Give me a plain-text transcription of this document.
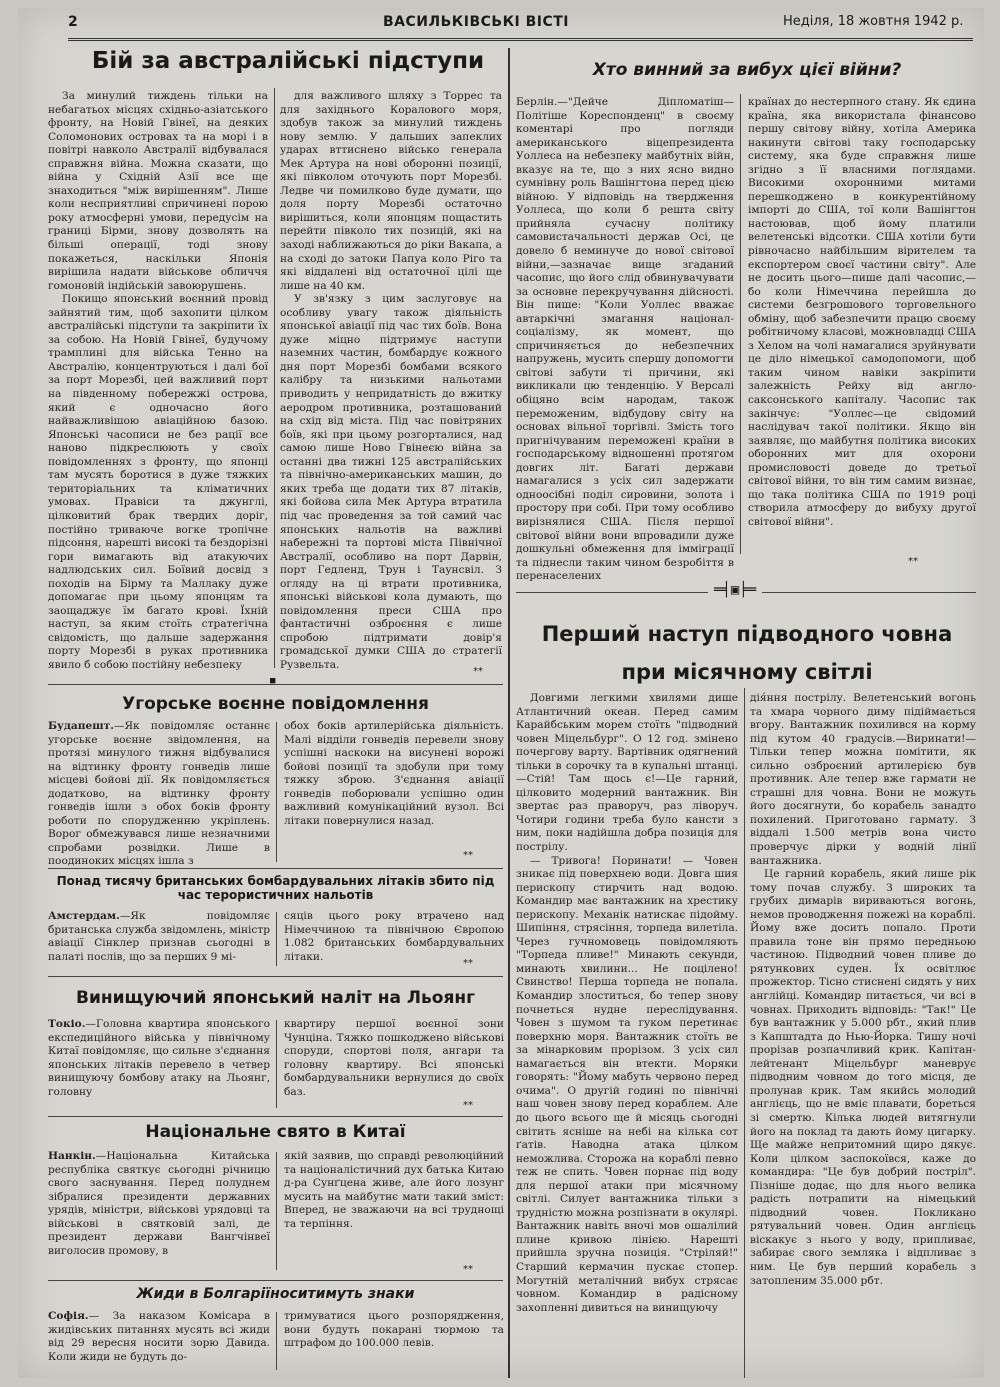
2	ВАСИЛЬКІВСЬКІ ВІСТІ	Неділя, 18 жовтня 1942 р.
Бій за австралійські підступи

За минулий тиждень тільки на небагатьох місцях східньо-азіатського фронту, на Новій Гвінеї, на деяких Соломонових островах та на морі і в повітрі навколо Австралії відбувалася справжня війна. Можна сказати, що війна у Східній Азії все ще знаходиться "між вирішенням". Лише коли несприятливі спричинені порою року атмосферні умови, передусім на границі Бірми, знову дозволять на більші операції, тоді знову покажеться, наскільки Японія вирішила надати військове обличчя гомоновій індійській завоюрушень.

Покищо японський воєнний провід зайнятий тим, щоб захопити цілком австралійські підступи та закріпити їх за собою. На Новій Гвінеї, будучому трамплині для війська Тенно на Австралію, концентруються і далі бої за порт Морезбі, цей важливий порт на південному побережжі острова, який є одночасно його найважливішою авіаційною базою. Японські часописи не без рації все наново підкреслюють у своїх повідомленнях з фронту, що японці там мусять боротися в дуже тяжких територіальних та кліматичних умовах. Правіси та джунглі, цілковитий брак твердих доріг, постійно триваюче вогке тропічне підсоння, нарешті високі та бездорізні гори вимагають від атакуючих надлюдських сил. Боївий досвід з походів на Бірму та Маллаку дуже допомагає при цьому японцям та заощаджує їм багато крові. Їхній наступ, за яким стоїть стратегічна свідомість, що дальше задержання порту Морезбі в руках противника явило б собою постійну небезпеку

для важливого шляху з Торрес та для західнього Коралового моря, здобув також за минулий тиждень нову землю. У дальших запеклих ударах вттиснено військо генерала Мек Артура на нові оборонні позиції, які півколом оточують порт Морезбі. Ледве чи помилково буде думати, що доля порту Морезбі остаточно вирішиться, коли японцям пощастить перейти півколо тих позицій, які на заході наближаються до ріки Вакапа, а на сході до затоки Папуа коло Ріго та які віддалені від остаточної цілі ще лише на 40 км.

У зв'язку з цим заслуговує на особливу увагу також діяльність японської авіації під час тих боїв. Вона дуже міцно підтримує наступи наземних частин, бомбардує кожного дня порт Морезбі бомбами всякого калібру та низькими нальотами приводить у непридатність до вжитку аеродром противника, розташований на схід від міста. Під час повітряних боїв, які при цьому розгорталися, над самою лише Ново Гвінеєю війна за останні два тижні 125 австралійських та північно-американських машин, до яких треба ще додати тих 87 літаків, які бойова сила Мек Артура втратила під час проведення за той самий час японських нальотів на важливі набережні та портові міста Північної Австралії, особливо на порт Дарвін, порт Гедленд, Трун і Таунсвіл. З огляду на ці втрати противника, японські військові кола думають, що повідомлення преси США про фантастичні озброєння є лише спробою підтримати довір'я громадської думки США до стратегії Рузвельта.

**
■
Хто винний за вибух цієї війни?

Берлін.—"Дейче Діпломатіш—Політіше Кореспонденц" в своєму коментарі про погляди американського віцепрезидента Уоллеса на небезпеку майбутніх війн, вказує на те, що з них ясно видно сумнівну роль Вашінгтона перед цією війною. У відповідь на твердження Уоллеса, що коли б решта світу прийняла сучасну політику самовистачальності держав Осі, це довело б неминуче до нової світової війни,—зазначає вище згаданий часопис, що його слід обвинувачувати за основне перекручування дійсності. Він пише: "Коли Уоллес вважає автаркічні змагання націонал-соціалізму, як момент, що спричиняється до небезпечних напружень, мусить спершу допомогти світові забути ті причини, які викликали цю тенденцію. У Версалі обіцяно всім народам, також переможеним, відбудову світу на основах вільної торгівлі. Змість того пригнічуваним переможені країни в господарському відношенні протягом довгих літ. Багаті держави намагалися з усіх сил задержати одноосібні поділ сировини, золота і простору при собі. При тому особливо вирізнялися США. Після першої світової війни вони впровадили дуже дошкульні обмеження для імміграції та піднесли таким чином безробіття в перенаселених

країнах до нестерпного стану. Як єдина країна, яка використала фінансово першу світову війну, хотіла Америка накинути світові таку господарську систему, яка буде справжня лише згідно з її власними поглядами. Високими охоронними митами перешкоджено в конкурентійному імпорті до США, тої коли Вашінгтон настоював, щоб йому платили велетенські відсотки. США хотіли бути рівночасно найбільшим вірителем та експортером своєї частини світу". Але не досить цього—пише далі часопис,—бо коли Німеччина перейшла до системи безгрошового торговельного обміну, щоб забезпечити працю своєму робітничому класові, можновладці США з Хелом на чолі намагалися зруйнувати це діло німецької самодопомоги, щоб таким чином навіки закріпити залежність Рейху від англо-саксонського капіталу. Часопис так закінчує: "Уоллес—це свідомий наслідувач такої політики. Якщо він заявляє, що майбутня політика високих оборонних мит для охорони промисловості доведе до третьої світової війни, то він тим самим визнає, що така політика США по 1919 році створила атмосферу до вибуху другої світової війни".

**
═╡▣╞═
Перший наступ підводного човна
при місячному світлі

Довгими легкими хвилями дише Атлантичний океан. Перед самим Карайбським морем стоїть "підводний човен Міцельбург". О 12 год. змінено почергову варту. Вартівник одягнений тільки в сорочку та в купальні штанці.—Стій! Там щось є!—Це гарний, цілковито модерний вантажник. Він звертає раз праворуч, раз ліворуч. Чотири години треба було кансти з ним, поки надійшла добра позиція для пострілу.

— Тривога! Поринати! — Човен зникає під поверхнею води. Довга шия перископу стирчить над водою. Командир має вантажник на хрестику перископу. Механік натискає підойму. Шипіння, стрясіння, торпеда вилетіла. Через гучномовець повідомляють "Торпеда пливе!" Минають секунди, минають хвилини... Не поцілено! Свинство! Перша торпеда не попала. Командир злоститься, бо тепер знову почнеться нудне переслідування. Човен з шумом та гуком перетинає поверхню моря. Вантажник стоїть ве за мінарковим прорізом. З усіх сил намагається він втекти. Моряки говорять: "Йому мабуть червоно перед очима". О другій годині по північні наш човен знову перед кораблем. Але до цього всього ще й місяць сьогодні світить ясніше на небі на кілька сот ґатів. Наводна атака цілком неможлива. Сторожа на кораблі певно теж не спить. Човен порнає під воду для першої атаки при місячному світлі. Силует вантажника тільки з трудністю можна розпізнати в окулярі. Вантажник навіть вночі мов ошалілий плине кривою лінією. Нарешті прийшла зручна позиція. "Стріляй!" Старший кермачин пускає стопер. Могутній металічний вибух стрясає човном. Командир в радісному захопленні дивиться на винищуючу

дія́ння пострілу. Велетенський вогонь та хмара чорного диму підіймається вгору. Вантажник похилився на корму під кутом 40 градусів.—Виринати!—Тільки тепер можна помітити, як сильно озброєний артилерією був противник. Але тепер вже гармати не страшні для човна. Вони не можуть його досягнути, бо корабель занадто похилений. Приготовано гармату. З віддалі 1.500 метрів вона чисто проверчує дірки у водній лінії вантажника.

Це гарний корабель, який лише рік тому почав службу. З широких та грубих димарів вириваються вогонь, немов проводження пожежі на кораблі. Йому вже досить попало. Проти правила тоне він прямо передньою частиною. Підводний човен пливе до рятункових суден. Їх освітлює прожектор. Тісно стиснені сидять у них англійці. Командир питається, чи всі в човнах. Приходить відповідь: "Так!" Це був вантажник у 5.000 рбт., який плив з Капштадта до Нью-Йорка. Тишу ночі прорізав розпачливий крик. Капітан-лейтенант Міцельбург маневрує підводним човном до того місця, де пролунав крик. Там якийсь молодий англієць, що не вміє плавати, бореться зі смертю. Кілька людей витягнули його на поклад та дають йому цигарку. Ще майже непритомний щиро дякує. Коли цілком заспокоївся, каже до командира: "Це був добрий постріл". Пізніше додає, що для нього велика радість потрапити на німецький підводний човен. Покликано рятувальний човен. Один англієць віскакує з нього у воду, припливає, забирає свого земляка і відпливає з ним. Це був перший корабель з затопленим 35.000 рбт.

Угорське воєнне повідомлення

Будапешт.—Як повідомляє останнє угорське воєнне звідомлення, на протязі минулого тижня відбувалися на відтинку фронту гонведів лише місцеві бойові дії. Як повідомляється додатково, на відтинку фронту гонведів ішли з обох боків фронту роботи по спорудженню укріплень. Ворог обмежувався лише незначними спробами розвідки. Лише в поодиноких місцях ішла з

обох боків артилерійська діяльність. Малі відділи гонведів перевели знову успішні наскоки на висунені ворожі бойові позиції та здобули при тому тяжку зброю. З'єднання авіації гонведів поборювали успішно один важливий комунікаційний вузол. Всі літаки повернулися назад.

**
Понад тисячу британських бомбардувальних літаків збито під час терористичних нальотів

Амстердам.—Як повідомляє британська служба звідомлень, міністр авіації Сінклер признав сьогодні в палаті послів, що за перших 9 мі-

сяців цього року втрачено над Німеччиною та північною Європою 1.082 британських бомбардувальних літаки.

**
Винищуючий японський наліт на Льоянг

Токіо.—Головна квартира японського експедиційного війська у північному Китаї повідомляє, що сильне з'єднання японських літаків перевело в четвер винищуючу бомбову атаку на Льоянг, головну

квартиру першої воєнної зони Чунціна. Тяжко пошкоджено військові споруди, спортові поля, ангари та головну квартиру. Всі японські бомбардувальники вернулися до своїх баз.

**
Національне свято в Китаї

Нанкін.—Національна Китайська республіка святкує сьогодні річницю свого заснування. Перед полуднем зібралися президенти державних урядів, міністри, військові урядовці та військові в святковій залі, де президент держави Вангчінвеї виголосив промову, в

якій заявив, що справді революційний та націоналістичний дух батька Китаю д-ра Сунґцена живе, але його лозунг мусить на майбутнє мати такий зміст: Вперед, не зважаючи на всі труднощі та терпіння.

**
Жиди в Болгаріїноситимуть знаки

Софія.— За наказом Комісара в жидівських питаннях мусять всі жиди від 29 вересня носити зорю Давида. Коли жиди не будуть до-

тримуватися цього розпорядження, вони будуть покарані тюрмою та штрафом до 100.000 левів.
